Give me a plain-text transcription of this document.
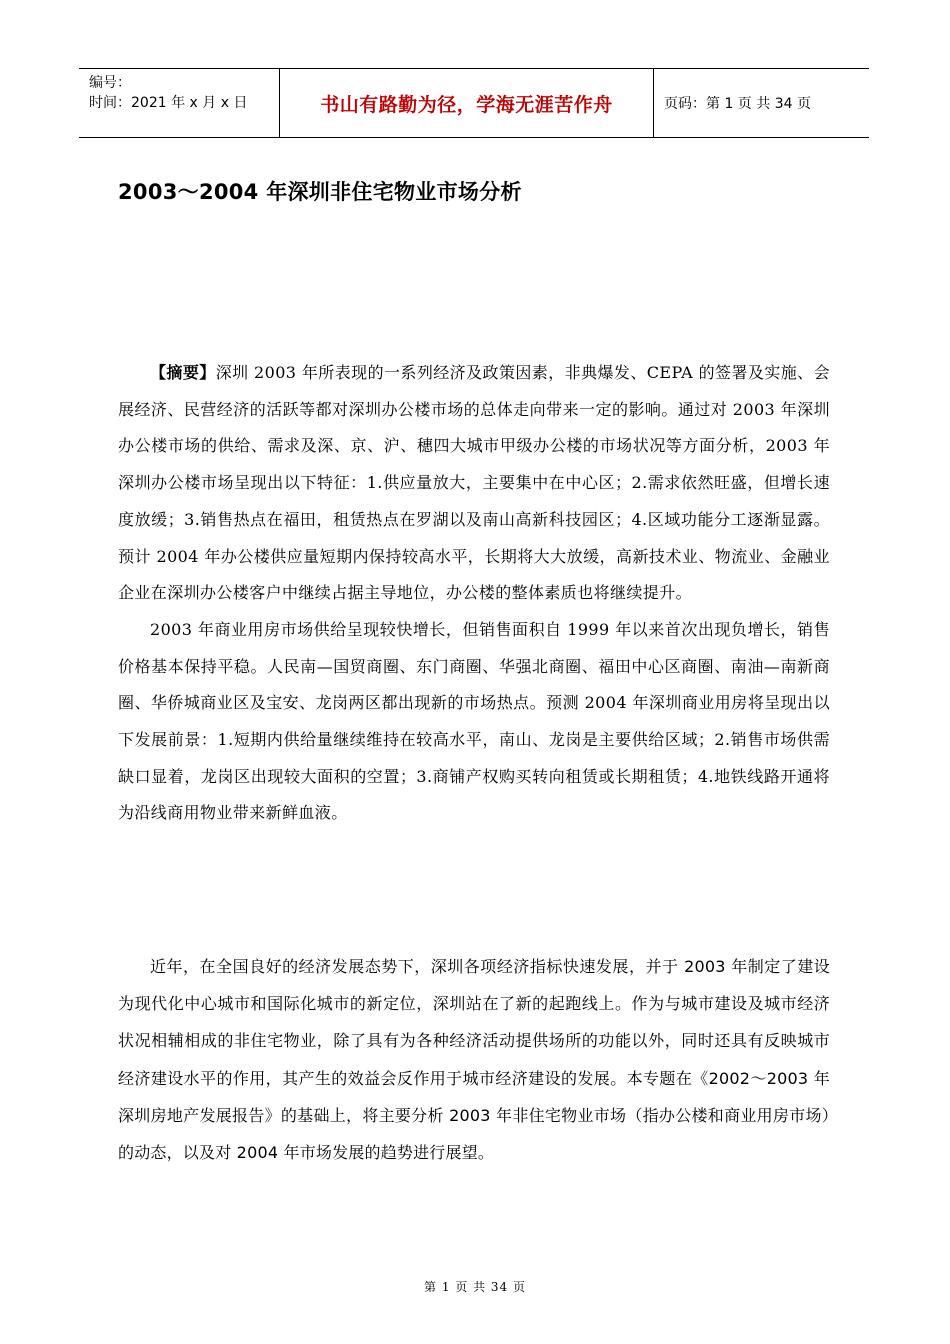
编号：
时间：2021 年 x 月 x 日	书山有路勤为径，学海无涯苦作舟	页码：第 1 页 共 34 页
2003～2004 年深圳非住宅物业市场分析

【摘要】深圳 2003 年所表现的一系列经济及政策因素，非典爆发、CEPA 的签署及实施、会展经济、民营经济的活跃等都对深圳办公楼市场的总体走向带来一定的影响。通过对 2003 年深圳办公楼市场的供给、需求及深、京、沪、穗四大城市甲级办公楼的市场状况等方面分析，2003 年深圳办公楼市场呈现出以下特征：1.供应量放大，主要集中在中心区；2.需求依然旺盛，但增长速度放缓；3.销售热点在福田，租赁热点在罗湖以及南山高新科技园区；4.区域功能分工逐渐显露。预计 2004 年办公楼供应量短期内保持较高水平，长期将大大放缓，高新技术业、物流业、金融业企业在深圳办公楼客户中继续占据主导地位，办公楼的整体素质也将继续提升。

2003 年商业用房市场供给呈现较快增长，但销售面积自 1999 年以来首次出现负增长，销售价格基本保持平稳。人民南—国贸商圈、东门商圈、华强北商圈、福田中心区商圈、南油—南新商圈、华侨城商业区及宝安、龙岗两区都出现新的市场热点。预测 2004 年深圳商业用房将呈现出以下发展前景：1.短期内供给量继续维持在较高水平，南山、龙岗是主要供给区域；2.销售市场供需缺口显着，龙岗区出现较大面积的空置；3.商铺产权购买转向租赁或长期租赁；4.地铁线路开通将为沿线商用物业带来新鲜血液。

近年，在全国良好的经济发展态势下，深圳各项经济指标快速发展，并于 2003 年制定了建设为现代化中心城市和国际化城市的新定位，深圳站在了新的起跑线上。作为与城市建设及城市经济状况相辅相成的非住宅物业，除了具有为各种经济活动提供场所的功能以外，同时还具有反映城市经济建设水平的作用，其产生的效益会反作用于城市经济建设的发展。本专题在《2002～2003 年深圳房地产发展报告》的基础上，将主要分析 2003 年非住宅物业市场（指办公楼和商业用房市场）的动态，以及对 2004 年市场发展的趋势进行展望。

第 1 页 共 34 页
